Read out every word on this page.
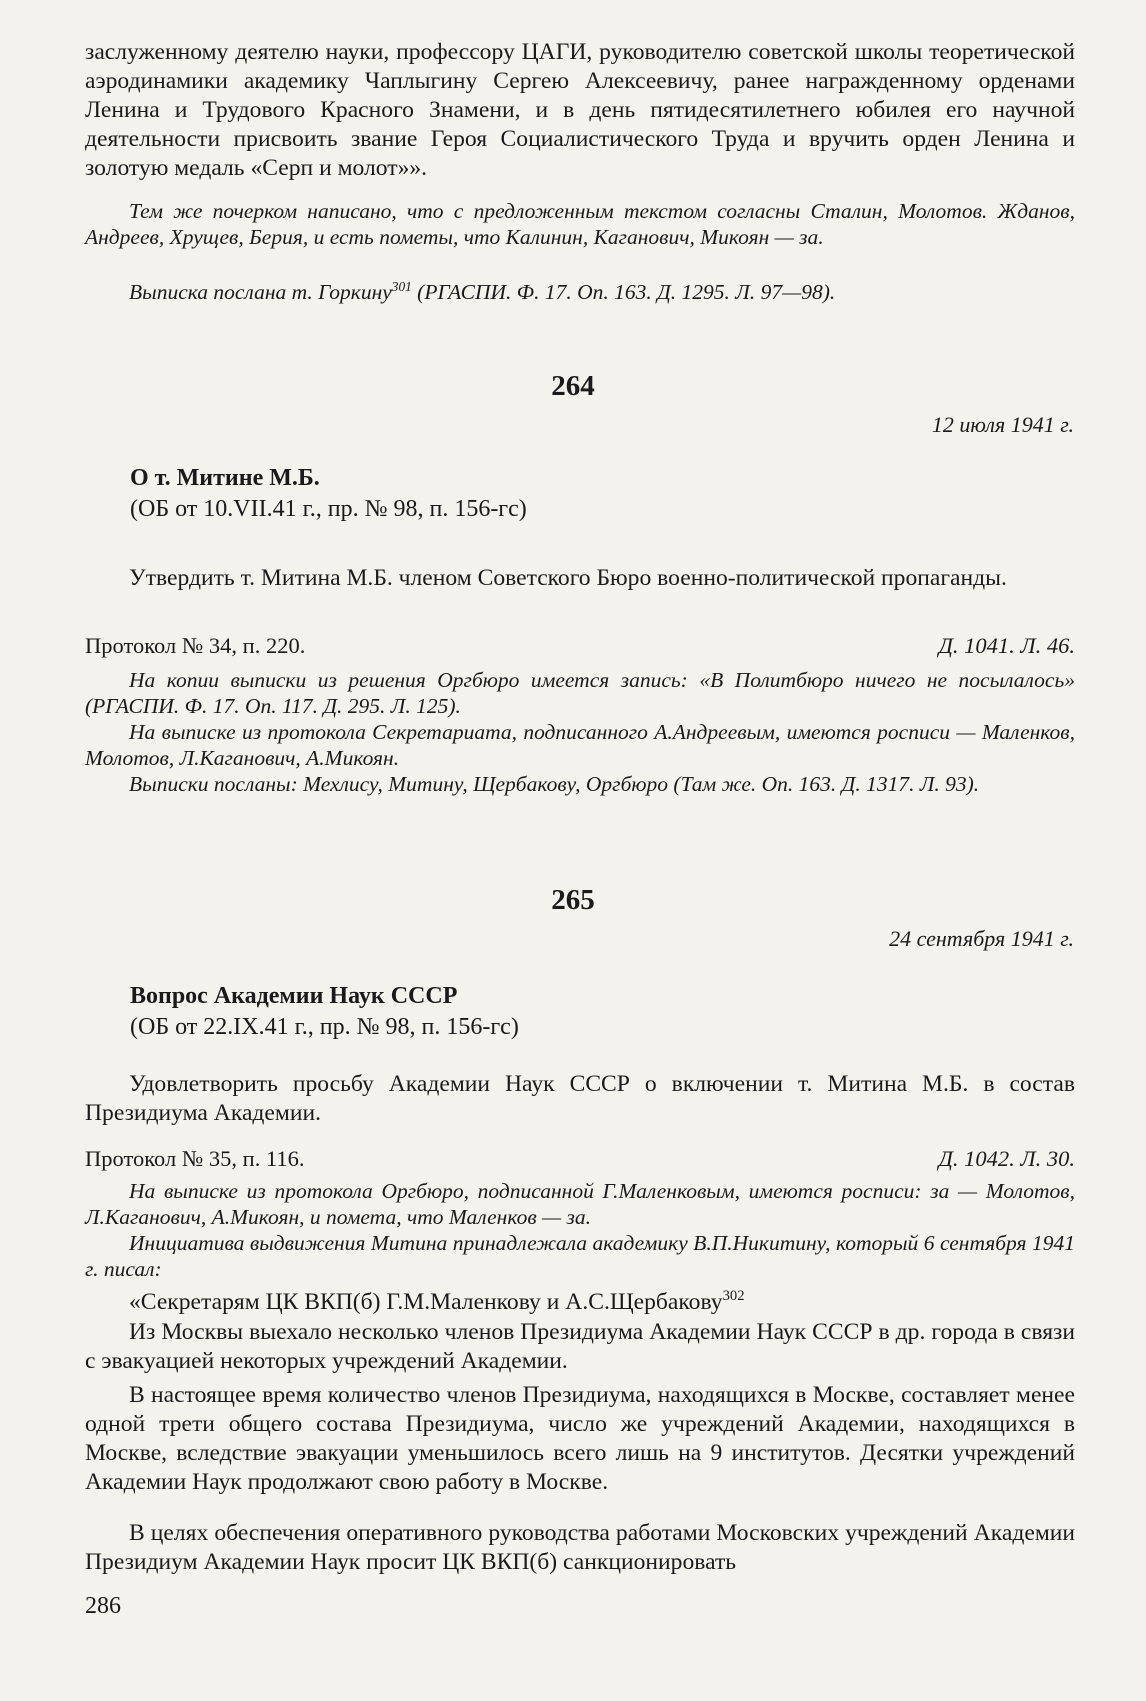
заслуженному деятелю науки, профессору ЦАГИ, руководителю советской школы теоретической аэродинамики академику Чаплыгину Сергею Алексеевичу, ранее награжденному орденами Ленина и Трудового Красного Знамени, и в день пятидесятилетнего юбилея его научной деятельности присвоить звание Героя Социалистического Труда и вручить орден Ленина и золотую медаль «Серп и молот»».

Тем же почерком написано, что с предложенным текстом согласны Сталин, Молотов. Жданов, Андреев, Хрущев, Берия, и есть пометы, что Калинин, Каганович, Микоян — за.

Выписка послана т. Горкину$^{301}$ (РГАСПИ. Ф. 17. Оп. 163. Д. 1295. Л. 97—98).

264
12 июля 1941 г.
О т. Митине М.Б.
(ОБ от 10.VII.41 г., пр. № 98, п. 156-гс)

Утвердить т. Митина М.Б. членом Советского Бюро военно-политической пропаганды.

Протокол № 34, п. 220.	Д. 1041. Л. 46.

На копии выписки из решения Оргбюро имеется запись: «В Политбюро ничего не посылалось» (РГАСПИ. Ф. 17. Оп. 117. Д. 295. Л. 125).

На выписке из протокола Секретариата, подписанного А.Андреевым, имеются росписи — Маленков, Молотов, Л.Каганович, А.Микоян.

Выписки посланы: Мехлису, Митину, Щербакову, Оргбюро (Там же. Оп. 163. Д. 1317. Л. 93).

265
24 сентября 1941 г.
Вопрос Академии Наук СССР
(ОБ от 22.IX.41 г., пр. № 98, п. 156-гс)

Удовлетворить просьбу Академии Наук СССР о включении т. Митина М.Б. в состав Президиума Академии.

Протокол № 35, п. 116.	Д. 1042. Л. 30.

На выписке из протокола Оргбюро, подписанной Г.Маленковым, имеются росписи: за — Молотов, Л.Каганович, А.Микоян, и помета, что Маленков — за.

Инициатива выдвижения Митина принадлежала академику В.П.Никитину, который 6 сентября 1941 г. писал:

«Секретарям ЦК ВКП(б) Г.М.Маленкову и А.С.Щербакову$^{302}$

Из Москвы выехало несколько членов Президиума Академии Наук СССР в др. города в связи с эвакуацией некоторых учреждений Академии.

В настоящее время количество членов Президиума, находящихся в Москве, составляет менее одной трети общего состава Президиума, число же учреждений Академии, находящихся в Москве, вследствие эвакуации уменьшилось всего лишь на 9 институтов. Десятки учреждений Академии Наук продолжают свою работу в Москве.

В целях обеспечения оперативного руководства работами Московских учреждений Академии Президиум Академии Наук просит ЦК ВКП(б) санкционировать

286
